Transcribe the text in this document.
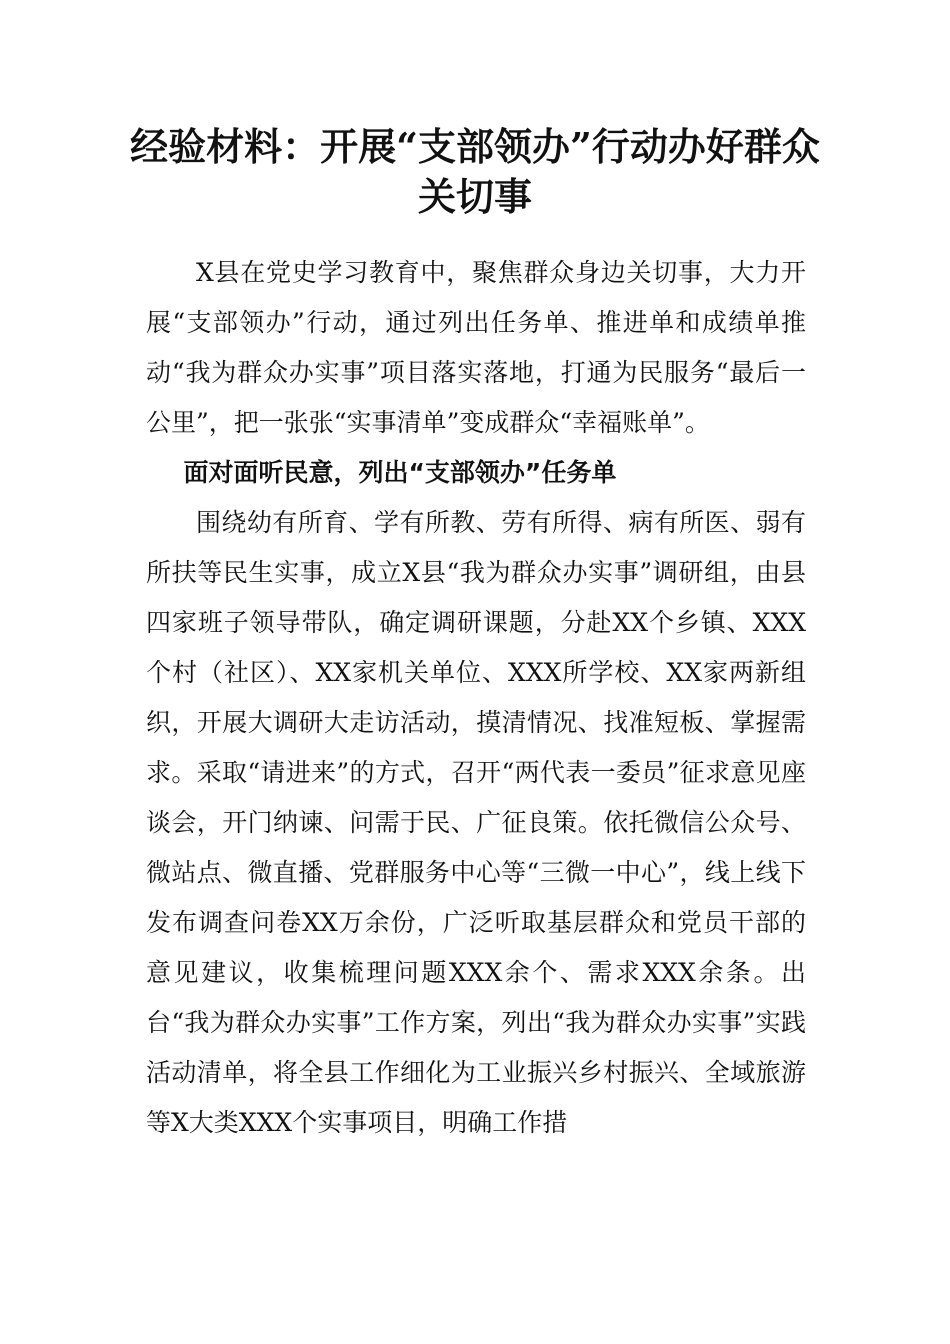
经验材料：开展“支部领办”行动办好群众关切事

X县在党史学习教育中，聚焦群众身边关切事，大力开展“支部领办”行动，通过列出任务单、推进单和成绩单推动“我为群众办实事”项目落实落地，打通为民服务“最后一公里”，把一张张“实事清单”变成群众“幸福账单”。

面对面听民意，列出“支部领办”任务单

围绕幼有所育、学有所教、劳有所得、病有所医、弱有所扶等民生实事，成立X县“我为群众办实事”调研组，由县四家班子领导带队，确定调研课题，分赴XX个乡镇、XXX个村（社区）、XX家机关单位、XXX所学校、XX家两新组织，开展大调研大走访活动，摸清情况、找准短板、掌握需求。采取“请进来”的方式，召开“两代表一委员”征求意见座谈会，开门纳谏、问需于民、广征良策。依托微信公众号、微站点、微直播、党群服务中心等“三微一中心”，线上线下发布调查问卷XX万余份，广泛听取基层群众和党员干部的意见建议，收集梳理问题XXX余个、需求XXX余条。出台“我为群众办实事”工作方案，列出“我为群众办实事”实践活动清单，将全县工作细化为工业振兴乡村振兴、全域旅游等X大类XXX个实事项目，明确工作措
